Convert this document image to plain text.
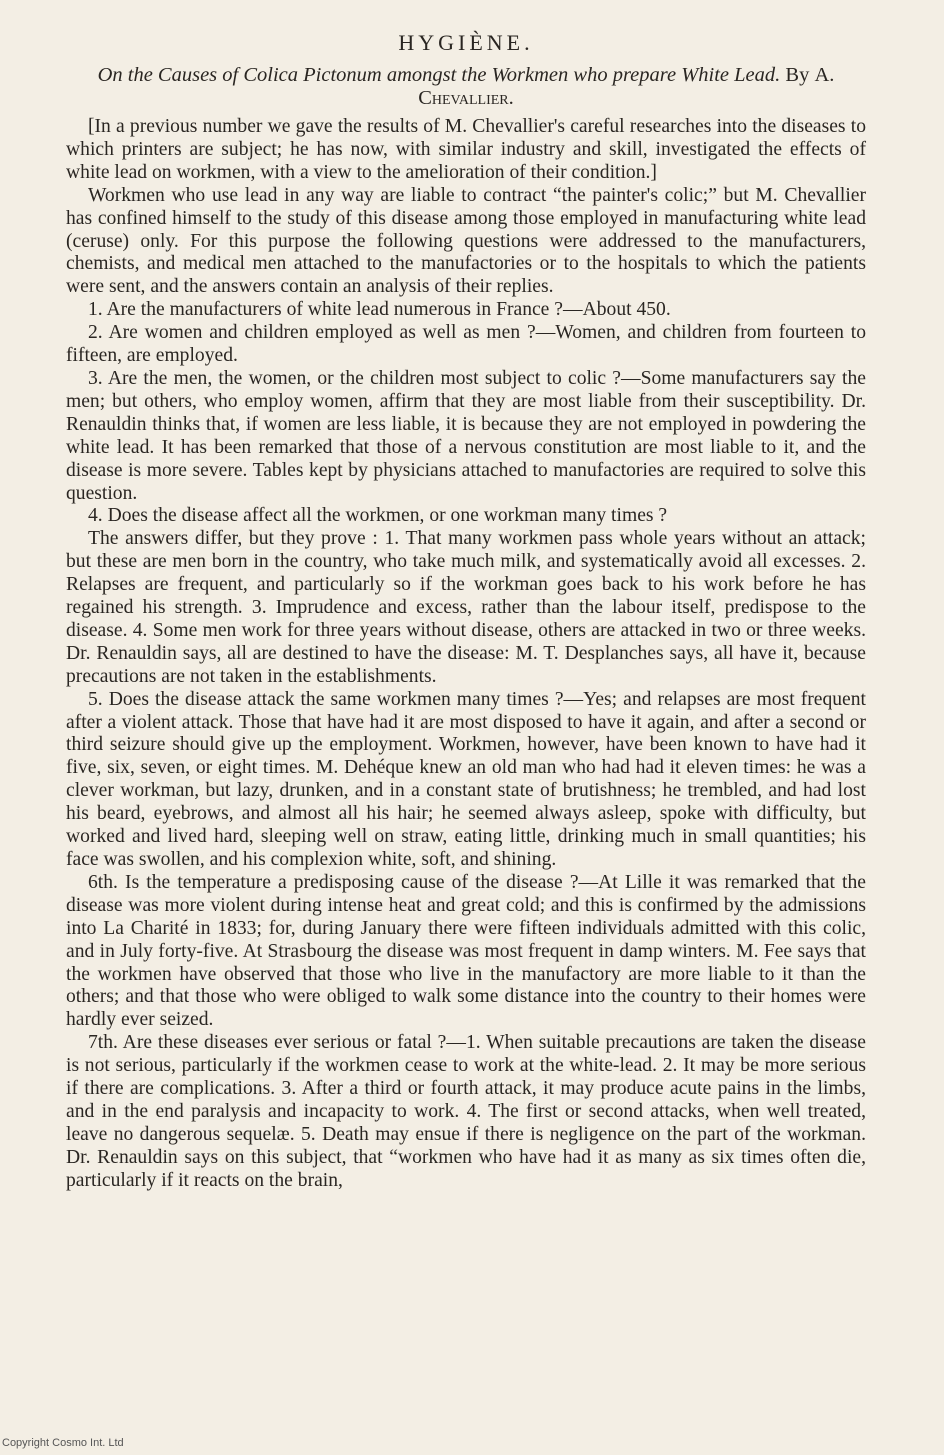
HYGIÈNE.

On the Causes of Colica Pictonum amongst the Workmen who prepare White Lead. By A. Chevallier.

[In a previous number we gave the results of M. Chevallier's careful researches into the diseases to which printers are subject; he has now, with similar industry and skill, investigated the effects of white lead on workmen, with a view to the amelioration of their condition.]

Workmen who use lead in any way are liable to contract “the painter's colic;” but M. Chevallier has confined himself to the study of this disease among those employed in manufacturing white lead (ceruse) only. For this purpose the following questions were addressed to the manufacturers, chemists, and medical men attached to the manufactories or to the hospitals to which the patients were sent, and the answers contain an analysis of their replies.

1. Are the manufacturers of white lead numerous in France ?—About 450.

2. Are women and children employed as well as men ?—Women, and children from fourteen to fifteen, are employed.

3. Are the men, the women, or the children most subject to colic ?—Some manufacturers say the men; but others, who employ women, affirm that they are most liable from their susceptibility. Dr. Renauldin thinks that, if women are less liable, it is because they are not employed in powdering the white lead. It has been remarked that those of a nervous constitution are most liable to it, and the disease is more severe. Tables kept by physicians attached to manufactories are required to solve this question.

4. Does the disease affect all the workmen, or one workman many times ?

The answers differ, but they prove : 1. That many workmen pass whole years without an attack; but these are men born in the country, who take much milk, and systematically avoid all excesses. 2. Relapses are frequent, and particularly so if the workman goes back to his work before he has regained his strength. 3. Imprudence and excess, rather than the labour itself, predispose to the disease. 4. Some men work for three years without disease, others are attacked in two or three weeks. Dr. Renauldin says, all are destined to have the disease: M. T. Desplanches says, all have it, because precautions are not taken in the establishments.

5. Does the disease attack the same workmen many times ?—Yes; and relapses are most frequent after a violent attack. Those that have had it are most disposed to have it again, and after a second or third seizure should give up the employment. Workmen, however, have been known to have had it five, six, seven, or eight times. M. Dehéque knew an old man who had had it eleven times: he was a clever workman, but lazy, drunken, and in a constant state of brutishness; he trembled, and had lost his beard, eyebrows, and almost all his hair; he seemed always asleep, spoke with difficulty, but worked and lived hard, sleeping well on straw, eating little, drinking much in small quantities; his face was swollen, and his complexion white, soft, and shining.

6th. Is the temperature a predisposing cause of the disease ?—At Lille it was remarked that the disease was more violent during intense heat and great cold; and this is confirmed by the admissions into La Charité in 1833; for, during January there were fifteen individuals admitted with this colic, and in July forty-five. At Strasbourg the disease was most frequent in damp winters. M. Fee says that the workmen have observed that those who live in the manufactory are more liable to it than the others; and that those who were obliged to walk some distance into the country to their homes were hardly ever seized.

7th. Are these diseases ever serious or fatal ?—1. When suitable precautions are taken the disease is not serious, particularly if the workmen cease to work at the white-lead. 2. It may be more serious if there are complications. 3. After a third or fourth attack, it may produce acute pains in the limbs, and in the end paralysis and incapacity to work. 4. The first or second attacks, when well treated, leave no dangerous sequelæ. 5. Death may ensue if there is negligence on the part of the workman. Dr. Renauldin says on this subject, that “workmen who have had it as many as six times often die, particularly if it reacts on the brain,

Copyright Cosmo Int. Ltd
